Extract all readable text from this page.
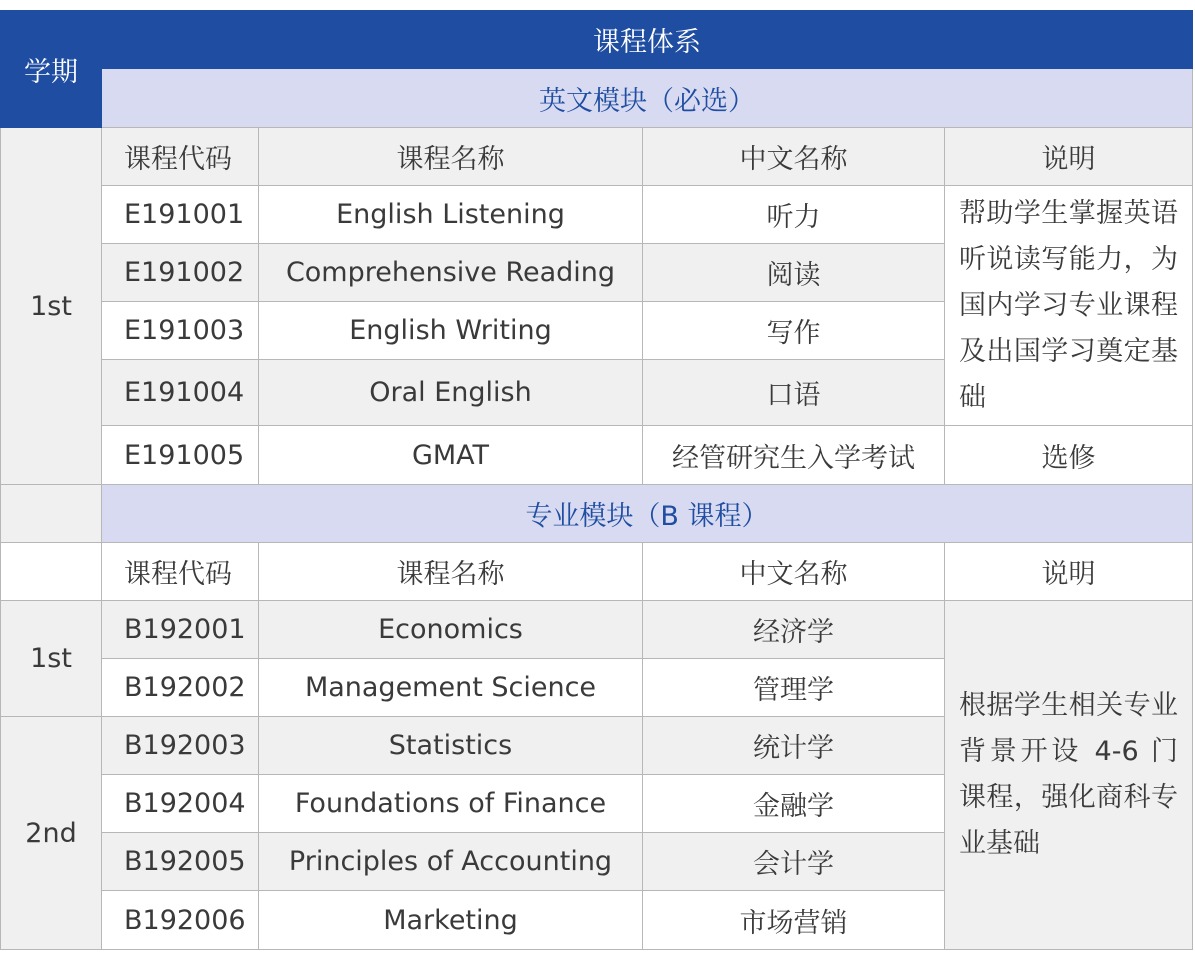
学期	课程体系			
	英文模块（必选）			
1st	课程代码	课程名称	中文名称	说明
	E191001	English Listening	听力	帮助学生掌握英语听说读写能力，为国内学习专业课程及出国学习奠定基础

	E191002	Comprehensive Reading	阅读	
	E191003	English Writing	写作	
	E191004	Oral English	口语	
	E191005	GMAT	经管研究生入学考试	选修
	专业模块（B 课程）			
	课程代码	课程名称	中文名称	说明
1st	B192001	Economics	经济学	根据学生相关专业背景开设 4-6 门课程，强化商科专业基础

	B192002	Management Science	管理学	
2nd	B192003	Statistics	统计学	
	B192004	Foundations of Finance	金融学	
	B192005	Principles of Accounting	会计学	
	B192006	Marketing	市场营销	
